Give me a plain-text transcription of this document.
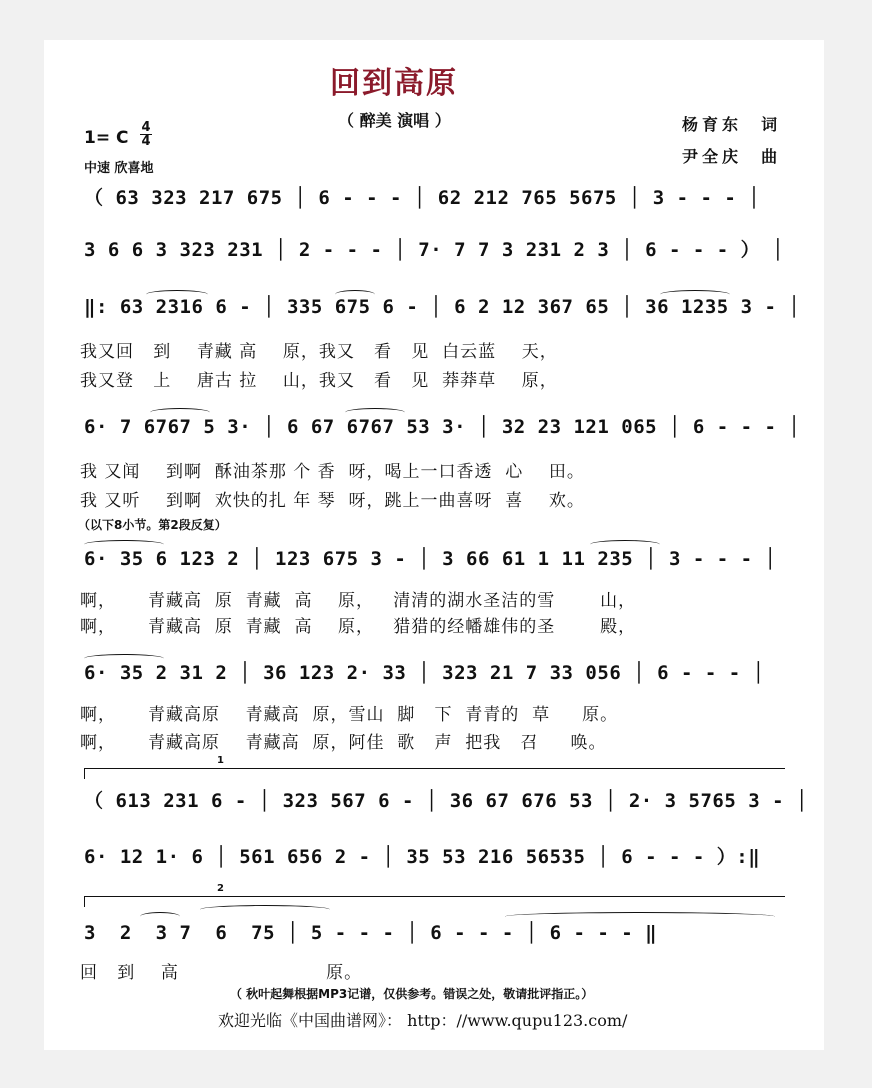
回到高原
（ 醉美 演唱 ）	杨育东  词
尹全庆  曲
1= C
4
4
中速 欣喜地
（ 63 323 217 675 │ 6 - - - │ 62 212 765 5675 │ 3 - - - │
3 6 6 3 323 231 │ 2 - - - │ 7· 7 7 3 231 2 3 │ 6 - - - ） │
‖: 63 2316 6 - │ 335 675 6 - │ 6 2 12 367 65 │ 36 1235 3 - │
我又回   到    青藏 高    原，我又   看   见  白云蓝    天，
我又登   上    唐古 拉    山，我又   看   见  莽莽草    原，
6· 7 6767 5 3· │ 6 67 6767 53 3· │ 32 23 121 065 │ 6 - - - │
我 又闻    到啊  酥油茶那 个 香  呀，喝上一口香透  心    田。
我 又听    到啊  欢快的扎 年 琴  呀，跳上一曲喜呀  喜    欢。
（以下8小节。第2段反复）
6· 35 6 123 2 │ 123 675 3 - │ 3 66 61 1 11 235 │ 3 - - - │
啊，     青藏高  原  青藏  高    原，   清清的湖水圣洁的雪       山，
啊，     青藏高  原  青藏  高    原，   猎猎的经幡雄伟的圣       殿，
6· 35 2 31 2 │ 36 123 2· 33 │ 323 21 7 33 056 │ 6 - - - │
啊，     青藏高原    青藏高  原，雪山  脚   下  青青的  草     原。
啊，     青藏高原    青藏高  原，阿佳  歌   声  把我   召     唤。
1
（ 613 231 6 - │ 323 567 6 - │ 36 67 676 53 │ 2· 3 5765 3 - │
6· 12 1· 6 │ 561 656 2 - │ 35 53 216 56535 │ 6 - - - ）:‖
2
3  2  3 7  6  75 │ 5 - - - │ 6 - - - │ 6 - - - ‖
回   到    高                       原。
（ 秋叶起舞根据MP3记谱，仅供参考。错误之处，敬请批评指正。）
欢迎光临《中国曲谱网》： http：//www.qupu123.com/
